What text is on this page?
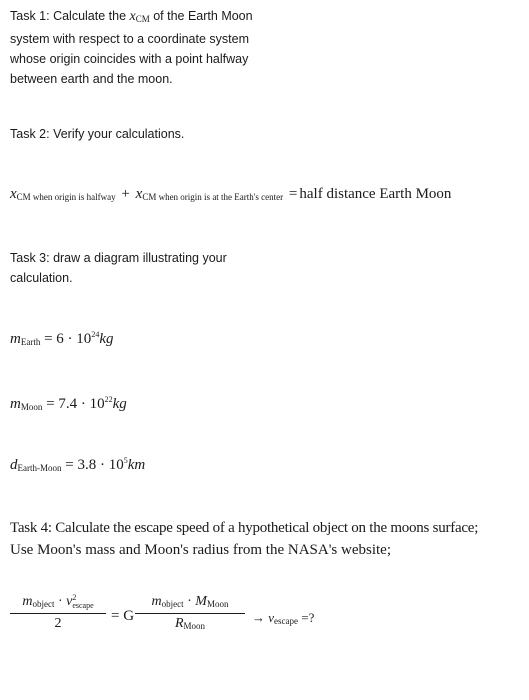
Task 1: Calculate the $x_{CM}$ of the Earth Moon
system with respect to a coordinate system
whose origin coincides with a point halfway
between earth and the moon.
Task 2: Verify your calculations.
$x_{CM when origin is halfway} + x_{CM when origin is at the Earth's center}$ = half distance Earth Moon
Task 3: draw a diagram illustrating your
calculation.
$m_{Earth} = 6 \cdot 10^{24}kg$
$m_{Moon} = 7.4 \cdot 10^{22}kg$
$d_{Earth-Moon} = 3.8 \cdot 10^5km$
Task 4: Calculate the escape speed of a hypothetical object on the moons surface;
Use Moon's mass and Moon's radius from the NASA's website;
$m_{object} \cdot v$ 2
escape
2	= G
$m_{object} \cdot M_{Moon}$
$R_{Moon}$
→ $v_{escape}$ =?
